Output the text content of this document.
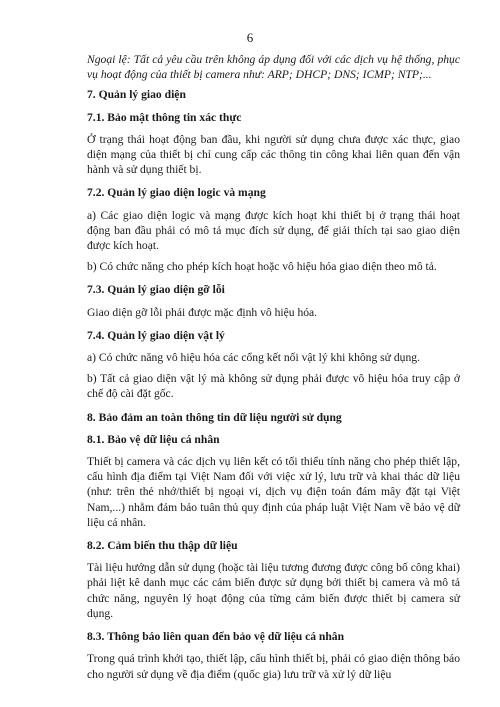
6

Ngoại lệ: Tất cả yêu cầu trên không áp dụng đối với các dịch vụ hệ thống, phục vụ hoạt động của thiết bị camera như: ARP; DHCP; DNS; ICMP; NTP;...

7. Quản lý giao diện
7.1. Bảo mật thông tin xác thực

Ở trạng thái hoạt động ban đầu, khi người sử dụng chưa được xác thực, giao diện mạng của thiết bị chỉ cung cấp các thông tin công khai liên quan đến vận hành và sử dụng thiết bị.

7.2. Quản lý giao diện logic và mạng

a) Các giao diện logic và mạng được kích hoạt khi thiết bị ở trạng thái hoạt động ban đầu phải có mô tả mục đích sử dụng, để giải thích tại sao giao diện được kích hoạt.

b) Có chức năng cho phép kích hoạt hoặc vô hiệu hóa giao diện theo mô tả.

7.3. Quản lý giao diện gỡ lỗi

Giao diện gỡ lỗi phải được mặc định vô hiệu hóa.

7.4. Quản lý giao diện vật lý

a) Có chức năng vô hiệu hóa các cổng kết nối vật lý khi không sử dụng.

b) Tất cả giao diện vật lý mà không sử dụng phải được vô hiệu hóa truy cập ở chế độ cài đặt gốc.

8. Bảo đảm an toàn thông tin dữ liệu người sử dụng
8.1. Bảo vệ dữ liệu cá nhân

Thiết bị camera và các dịch vụ liên kết có tối thiểu tính năng cho phép thiết lập, cấu hình địa điểm tại Việt Nam đối với việc xử lý, lưu trữ và khai thác dữ liệu (như: trên thẻ nhớ/thiết bị ngoại vi, dịch vụ điện toán đám mây đặt tại Việt Nam,...) nhằm đảm bảo tuân thủ quy định của pháp luật Việt Nam về bảo vệ dữ liệu cá nhân.

8.2. Cảm biến thu thập dữ liệu

Tài liệu hướng dẫn sử dụng (hoặc tài liệu tương đương được công bố công khai) phải liệt kê danh mục các cảm biến được sử dụng bởi thiết bị camera và mô tả chức năng, nguyên lý hoạt động của từng cảm biến được thiết bị camera sử dụng.

8.3. Thông báo liên quan đến bảo vệ dữ liệu cá nhân

Trong quá trình khởi tạo, thiết lập, cấu hình thiết bị, phải có giao diện thông báo cho người sử dụng về địa điểm (quốc gia) lưu trữ và xử lý dữ liệu
